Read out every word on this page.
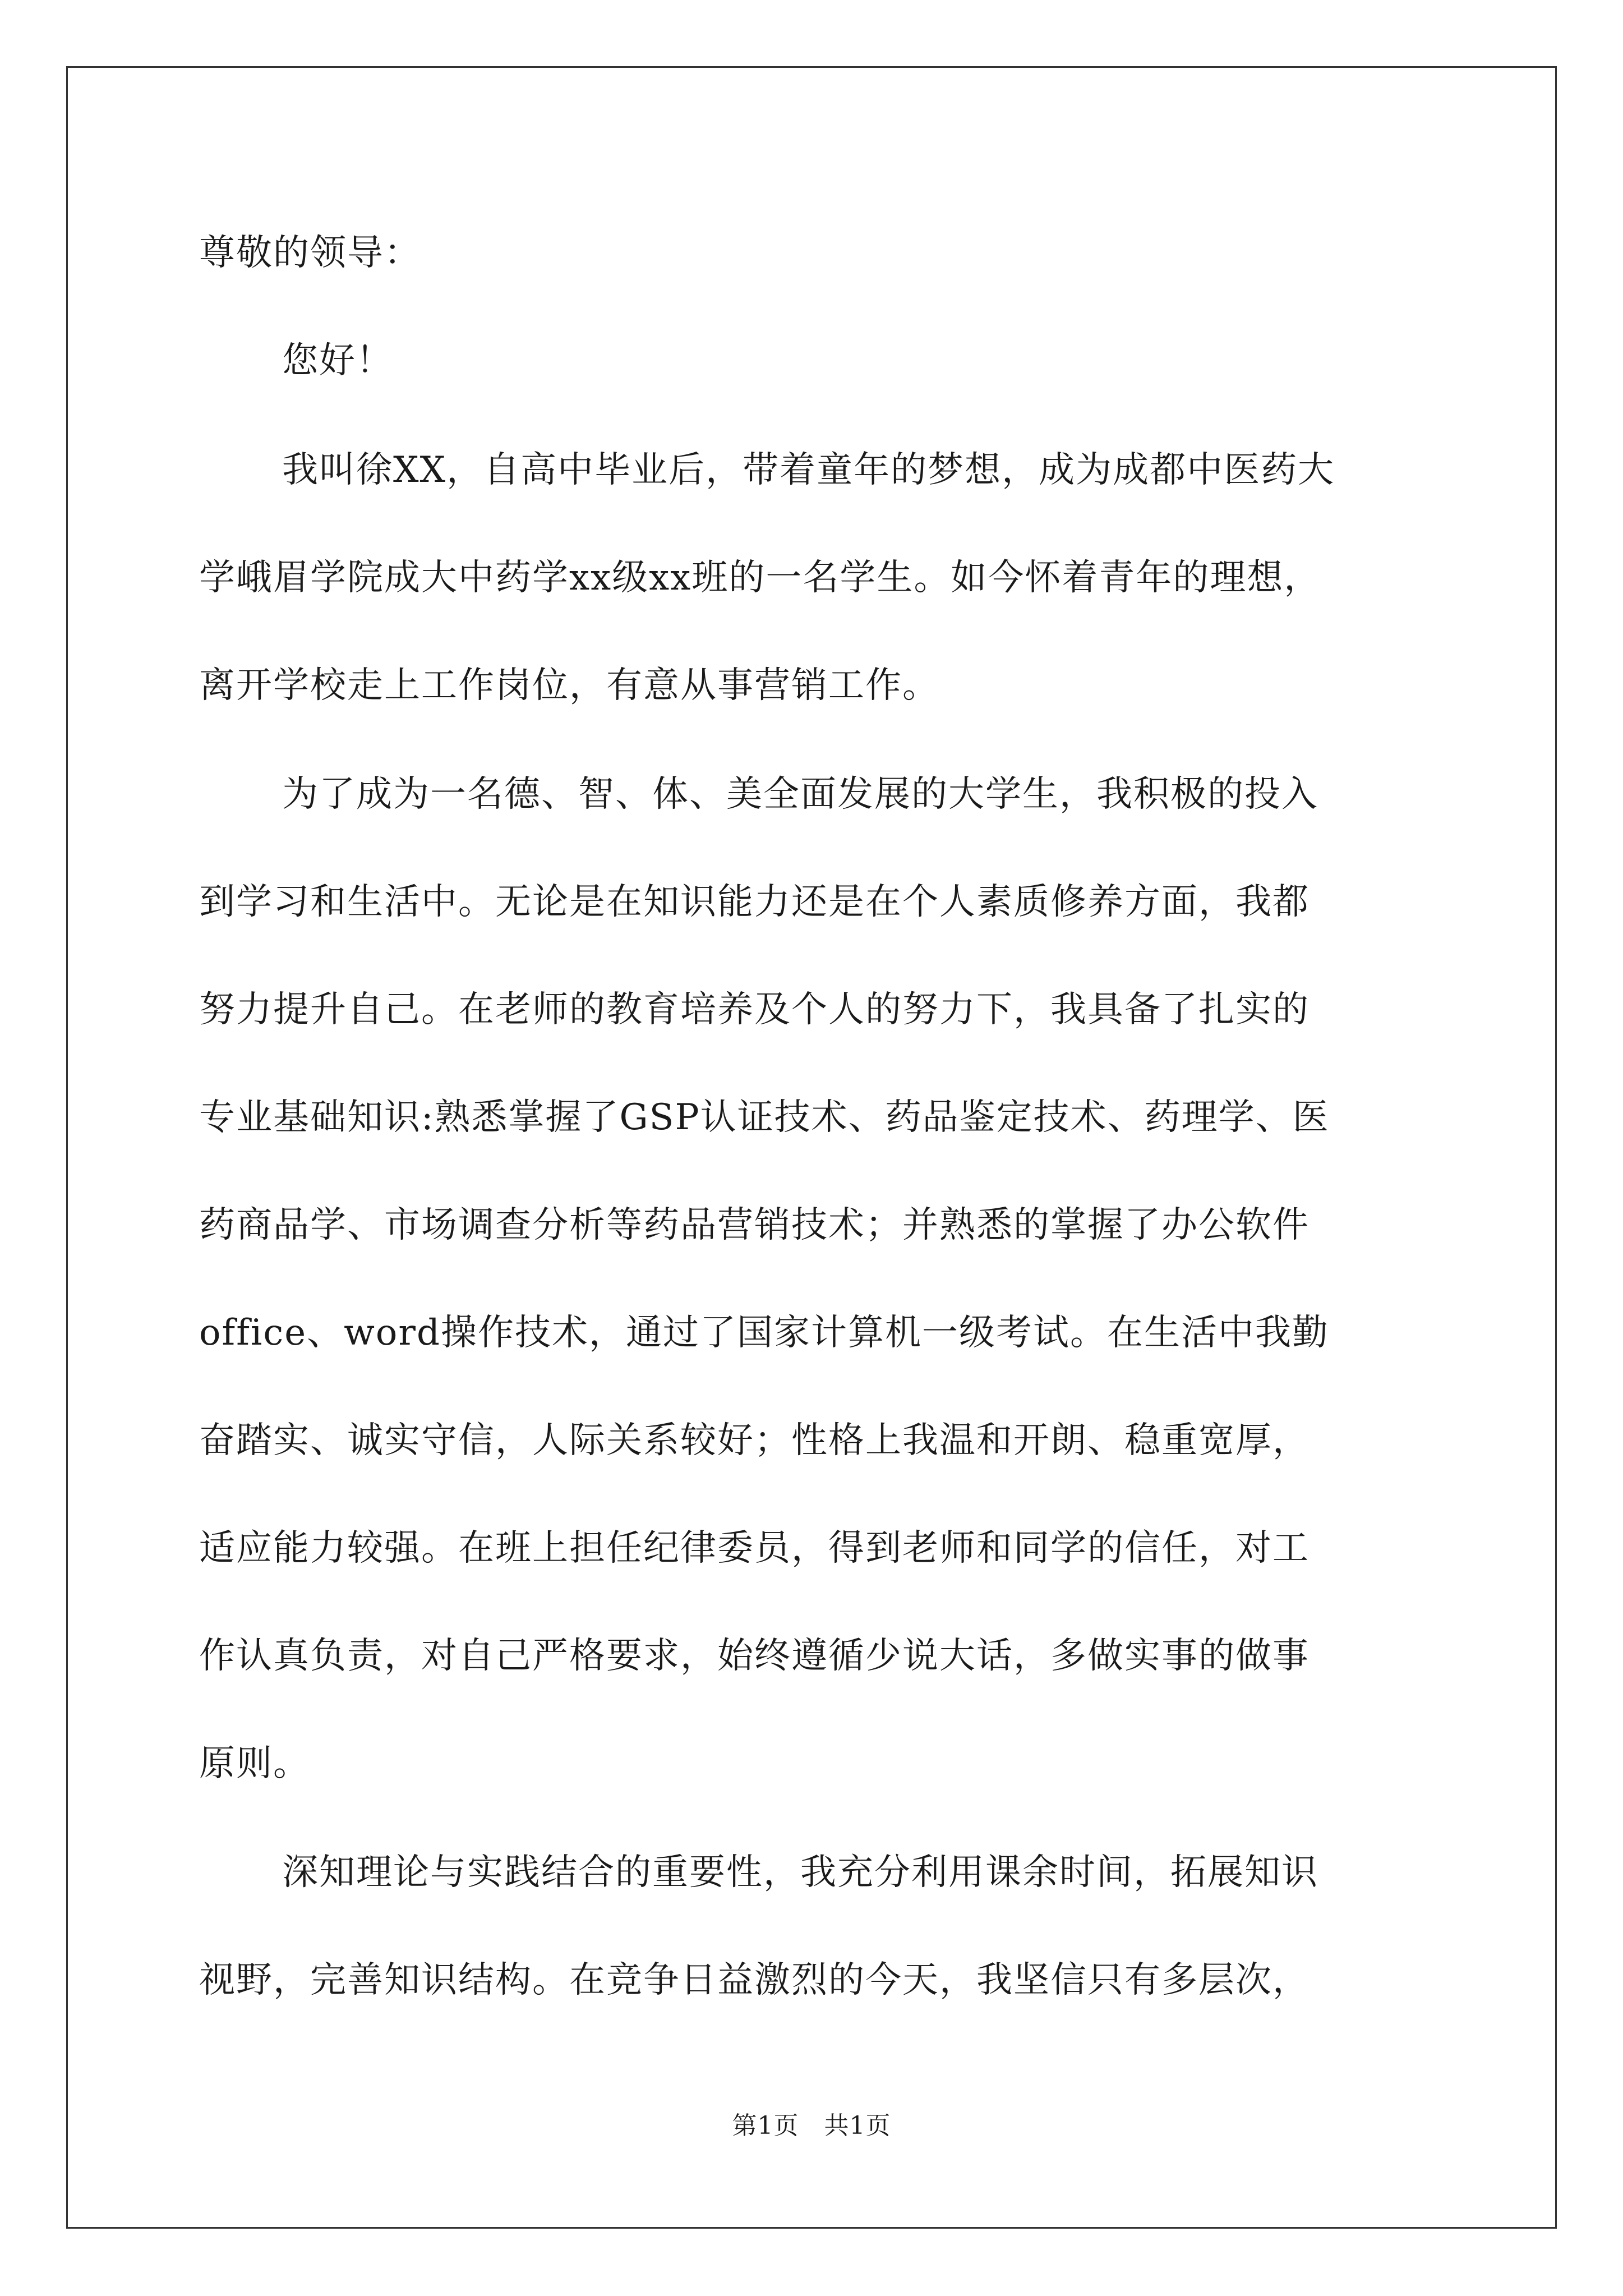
尊敬的领导：
您好！
我叫徐XX，自高中毕业后，带着童年的梦想，成为成都中医药大
学峨眉学院成大中药学xx级xx班的一名学生。如今怀着青年的理想，
离开学校走上工作岗位，有意从事营销工作。
为了成为一名德、智、体、美全面发展的大学生，我积极的投入
到学习和生活中。无论是在知识能力还是在个人素质修养方面，我都
努力提升自己。在老师的教育培养及个人的努力下，我具备了扎实的
专业基础知识:熟悉掌握了GSP认证技术、药品鉴定技术、药理学、医
药商品学、市场调查分析等药品营销技术；并熟悉的掌握了办公软件
office、word操作技术，通过了国家计算机一级考试。在生活中我勤
奋踏实、诚实守信，人际关系较好；性格上我温和开朗、稳重宽厚，
适应能力较强。在班上担任纪律委员，得到老师和同学的信任，对工
作认真负责，对自己严格要求，始终遵循少说大话，多做实事的做事
原则。
深知理论与实践结合的重要性，我充分利用课余时间，拓展知识
视野，完善知识结构。在竞争日益激烈的今天，我坚信只有多层次，
第1页　共1页
